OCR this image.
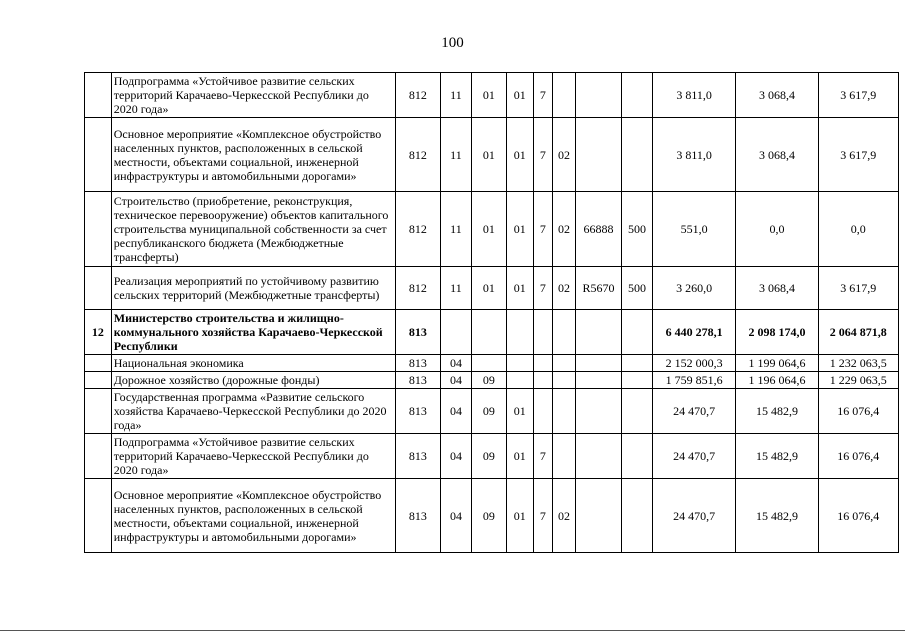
100
	Подпрограмма «Устойчивое развитие сельских территорий Карачаево-Черкесской Республики до 2020 года»	812	11	01	01	7				3 811,0	3 068,4	3 617,9
	Основное мероприятие «Комплексное обустройство населенных пунктов, расположенных в сельской местности, объектами социальной, инженерной инфраструктуры и автомобильными дорогами»	812	11	01	01	7	02			3 811,0	3 068,4	3 617,9
	Строительство (приобретение, реконструкция, техническое перевооружение) объектов капитального строительства муниципальной собственности за счет республиканского бюджета (Межбюджетные трансферты)	812	11	01	01	7	02	66888	500	551,0	0,0	0,0
	Реализация мероприятий по устойчивому развитию сельских территорий (Межбюджетные трансферты)	812	11	01	01	7	02	R5670	500	3 260,0	3 068,4	3 617,9
12	Министерство строительства и жилищно-коммунального хозяйства Карачаево-Черкесской Республики	813								6 440 278,1	2 098 174,0	2 064 871,8
	Национальная экономика	813	04							2 152 000,3	1 199 064,6	1 232 063,5
	Дорожное хозяйство (дорожные фонды)	813	04	09						1 759 851,6	1 196 064,6	1 229 063,5
	Государственная программа «Развитие сельского хозяйства Карачаево-Черкесской Республики до 2020 года»	813	04	09	01					24 470,7	15 482,9	16 076,4
	Подпрограмма «Устойчивое развитие сельских территорий Карачаево-Черкесской Республики до 2020 года»	813	04	09	01	7				24 470,7	15 482,9	16 076,4
	Основное мероприятие «Комплексное обустройство населенных пунктов, расположенных в сельской местности, объектами социальной, инженерной инфраструктуры и автомобильными дорогами»	813	04	09	01	7	02			24 470,7	15 482,9	16 076,4
